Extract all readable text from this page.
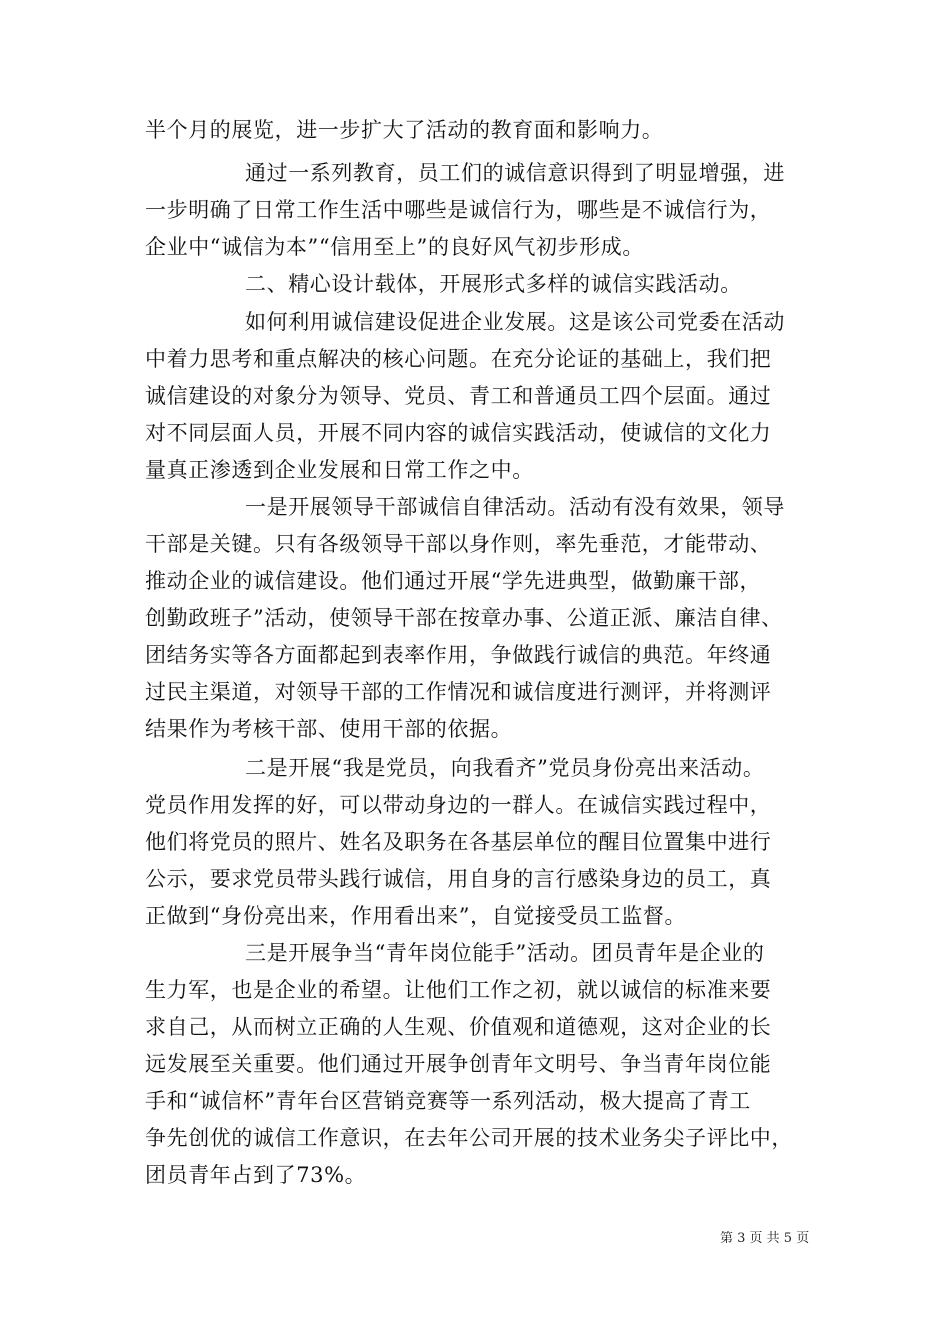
半个月的展览，进一步扩大了活动的教育面和影响力。
通过一系列教育，员工们的诚信意识得到了明显增强，进
一步明确了日常工作生活中哪些是诚信行为，哪些是不诚信行为，
企业中“诚信为本”“信用至上”的良好风气初步形成。
二、精心设计载体，开展形式多样的诚信实践活动。
如何利用诚信建设促进企业发展。这是该公司党委在活动
中着力思考和重点解决的核心问题。在充分论证的基础上，我们把
诚信建设的对象分为领导、党员、青工和普通员工四个层面。通过
对不同层面人员，开展不同内容的诚信实践活动，使诚信的文化力
量真正渗透到企业发展和日常工作之中。
一是开展领导干部诚信自律活动。活动有没有效果，领导
干部是关键。只有各级领导干部以身作则，率先垂范，才能带动、
推动企业的诚信建设。他们通过开展“学先进典型，做勤廉干部，
创勤政班子”活动，使领导干部在按章办事、公道正派、廉洁自律、
团结务实等各方面都起到表率作用，争做践行诚信的典范。年终通
过民主渠道，对领导干部的工作情况和诚信度进行测评，并将测评
结果作为考核干部、使用干部的依据。
二是开展“我是党员，向我看齐”党员身份亮出来活动。
党员作用发挥的好，可以带动身边的一群人。在诚信实践过程中，
他们将党员的照片、姓名及职务在各基层单位的醒目位置集中进行
公示，要求党员带头践行诚信，用自身的言行感染身边的员工，真
正做到“身份亮出来，作用看出来”，自觉接受员工监督。
三是开展争当“青年岗位能手”活动。团员青年是企业的
生力军，也是企业的希望。让他们工作之初，就以诚信的标准来要
求自己，从而树立正确的人生观、价值观和道德观，这对企业的长
远发展至关重要。他们通过开展争创青年文明号、争当青年岗位能
手和“诚信杯”青年台区营销竞赛等一系列活动，极大提高了青工
争先创优的诚信工作意识，在去年公司开展的技术业务尖子评比中，
团员青年占到了73%。
第 3 页 共 5 页
